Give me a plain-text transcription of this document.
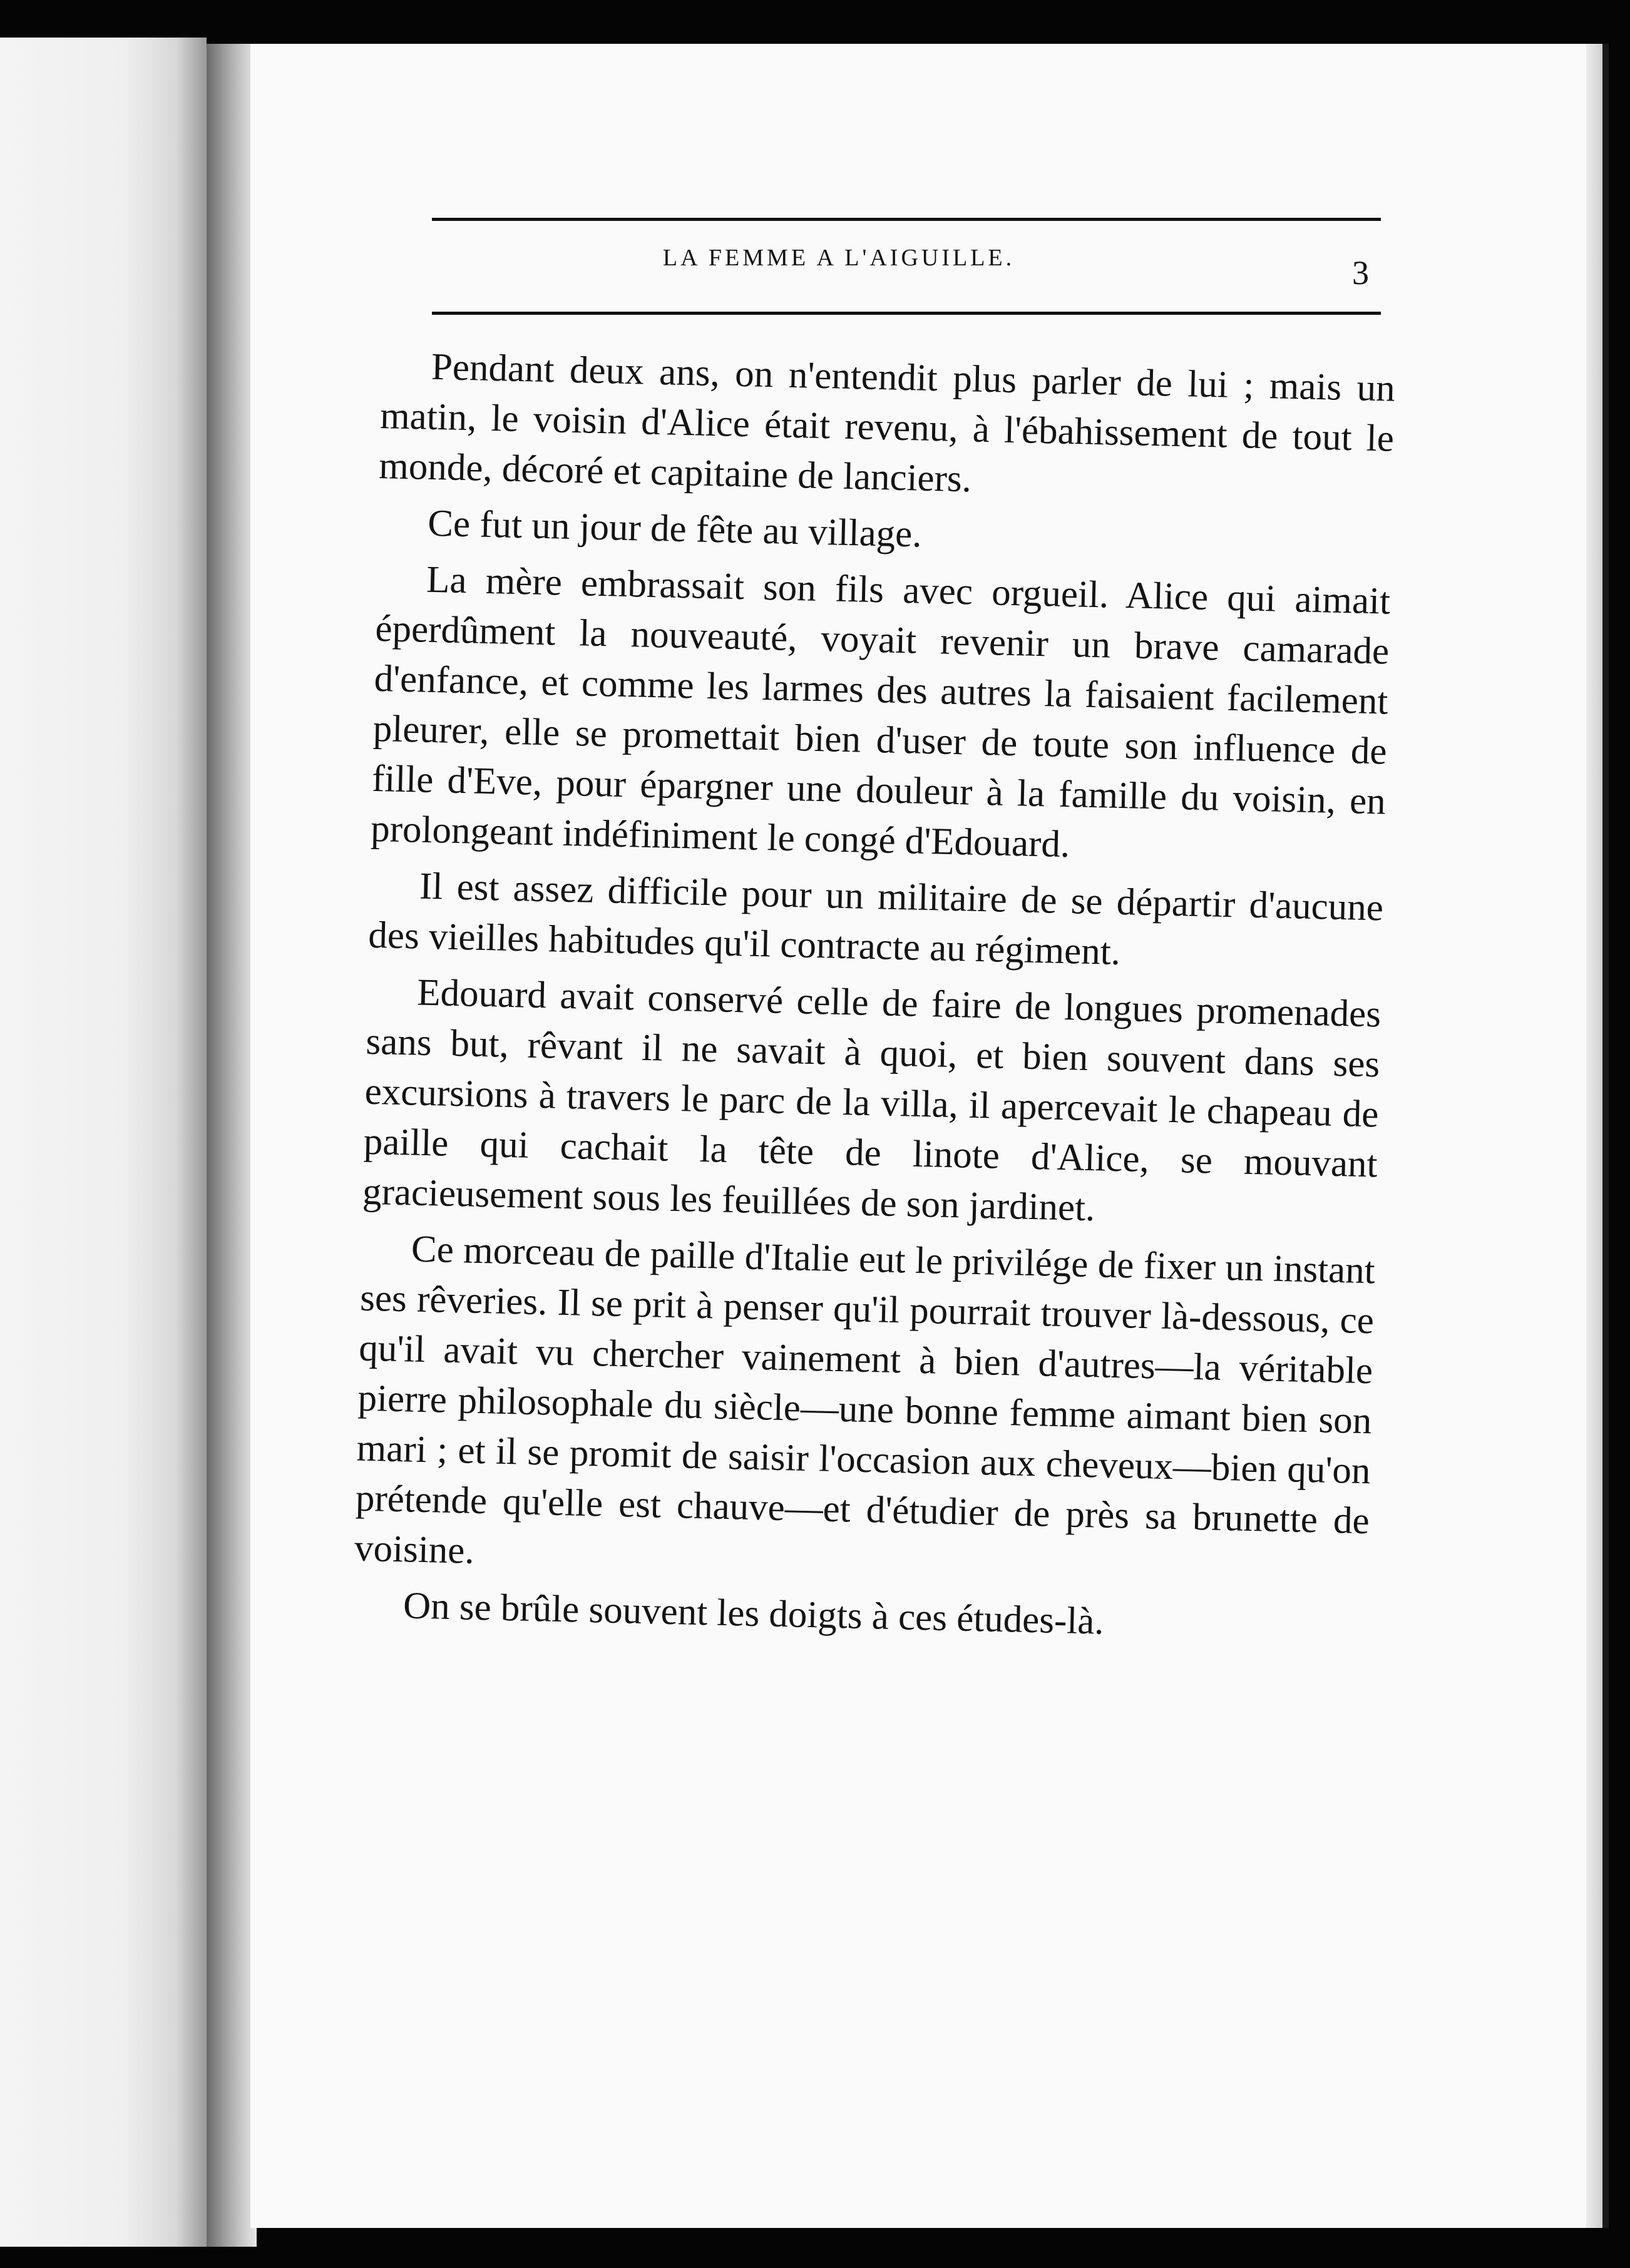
LA FEMME A L'AIGUILLE.	3

Pendant deux ans, on n'entendit plus parler de lui ; mais un matin, le voisin d'Alice était revenu, à l'ébahissement de tout le monde, décoré et capitaine de lanciers.

Ce fut un jour de fête au village.

La mère embrassait son fils avec orgueil. Alice qui aimait éperdûment la nouveauté, voyait revenir un brave camarade d'enfance, et comme les larmes des autres la faisaient facilement pleurer, elle se promettait bien d'user de toute son influence de fille d'Eve, pour épargner une douleur à la famille du voisin, en prolongeant indéfiniment le congé d'Edouard.

Il est assez difficile pour un militaire de se départir d'aucune des vieilles habitudes qu'il contracte au régiment.

Edouard avait conservé celle de faire de longues promenades sans but, rêvant il ne savait à quoi, et bien souvent dans ses excursions à travers le parc de la villa, il apercevait le chapeau de paille qui cachait la tête de linote d'Alice, se mouvant gracieusement sous les feuillées de son jardinet.

Ce morceau de paille d'Italie eut le privilége de fixer un instant ses rêveries. Il se prit à penser qu'il pourrait trouver là-dessous, ce qu'il avait vu chercher vainement à bien d'autres—la véritable pierre philosophale du siècle—une bonne femme aimant bien son mari ; et il se promit de saisir l'occasion aux cheveux—bien qu'on prétende qu'elle est chauve—et d'étudier de près sa brunette de voisine.

On se brûle souvent les doigts à ces études-là.
